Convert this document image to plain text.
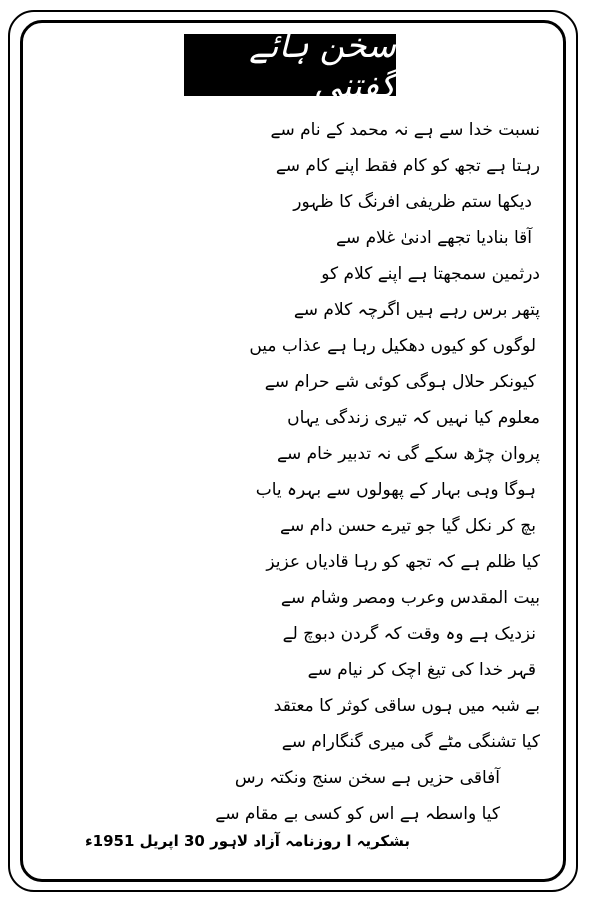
سخن ہائے گفتنی
نسبت خدا سے ہے نہ محمد کے نام سے
رہتا ہے تجھ کو کام فقط اپنے کام سے
دیکھا ستم ظریفی افرنگ کا ظہور
آقا بنادیا تجھے ادنیٰ غلام سے
درثمین سمجھتا ہے اپنے کلام کو
پتھر برس رہے ہیں اگرچہ کلام سے
لوگوں کو کیوں دھکیل رہا ہے عذاب میں
کیونکر حلال ہوگی کوئی شے حرام سے
معلوم کیا نہیں کہ تیری زندگی یہاں
پروان چڑھ سکے گی نہ تدبیر خام سے
ہوگا وہی بہار کے پھولوں سے بہرہ یاب
بچ کر نکل گیا جو تیرے حسن دام سے
کیا ظلم ہے کہ تجھ کو رہا قادیاں عزیز
بیت المقدس وعرب ومصر وشام سے
نزدیک ہے وہ وقت کہ گردن دبوچ لے
قہر خدا کی تیغ اچک کر نیام سے
بے شبہ میں ہوں ساقی کوثر کا معتقد
کیا تشنگی مٹے گی میری گنگارام سے
آفاقی حزیں ہے سخن سنج ونکتہ رس
کیا واسطہ ہے اس کو کسی بے مقام سے
بشکریہ ا روزنامہ آزاد لاہور 30 اپریل 1951ء
